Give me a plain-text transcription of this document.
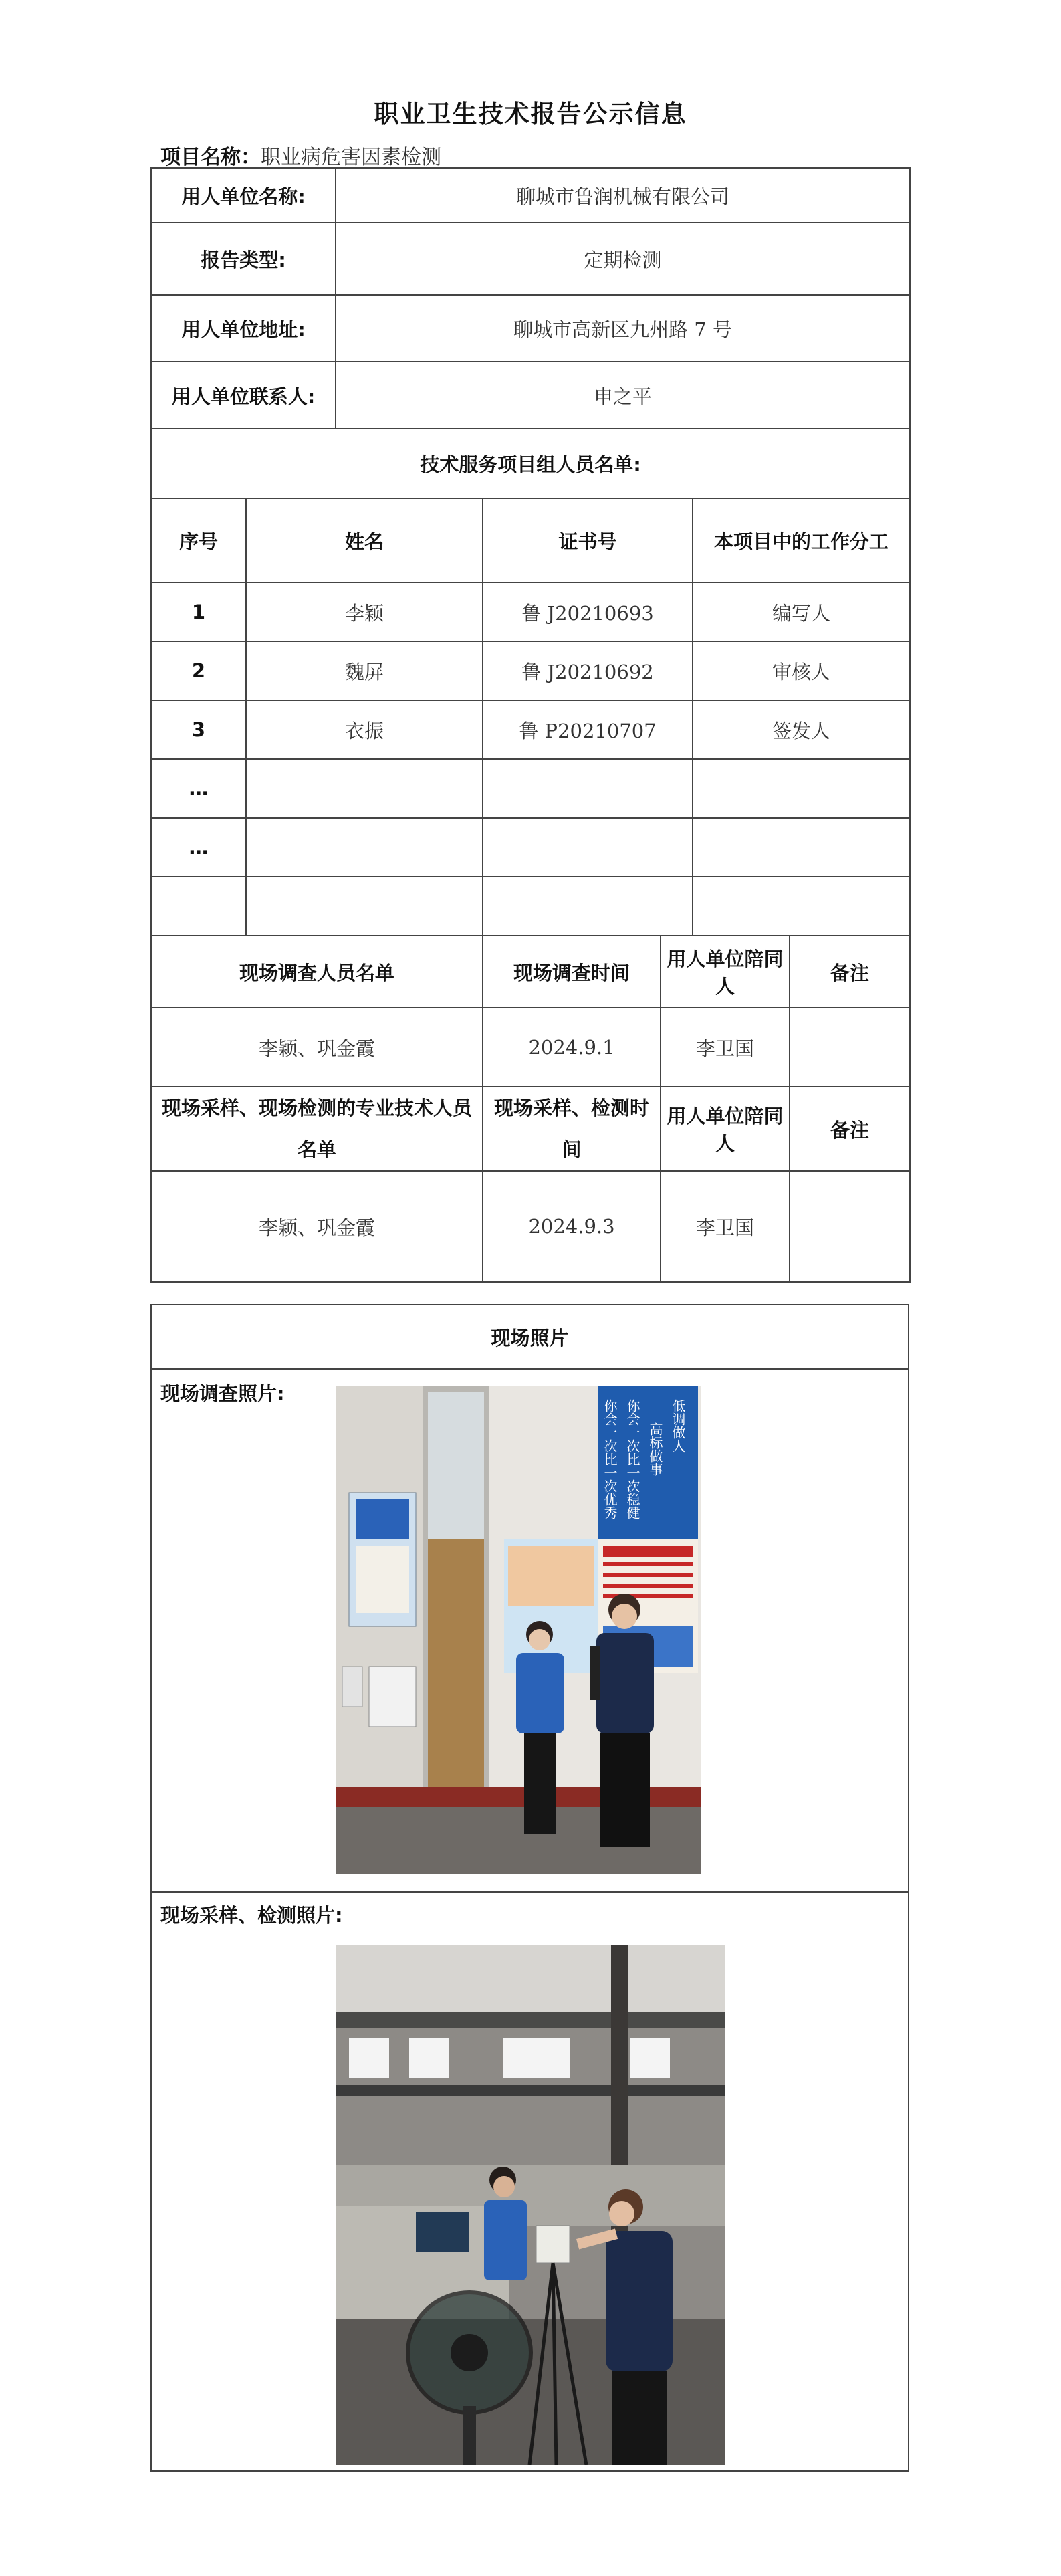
职业卫生技术报告公示信息
项目名称：职业病危害因素检测
用人单位名称:		聊城市鲁润机械有限公司				
报告类型:		定期检测				
用人单位地址:		聊城市高新区九州路 7 号				
用人单位联系人:		申之平				
技术服务项目组人员名单:						
序号	姓名		证书号		本项目中的工作分工	
1	李颖		鲁 J20210693		编写人	
2	魏屏		鲁 J20210692		审核人	
3	衣振		鲁 P20210707		签发人	
…						
…						

现场调查人员名单			现场调查时间	用人单位陪同人		备注
李颖、巩金霞			2024.9.1	李卫国		
现场采样、现场检测的专业技术人员名单			现场采样、检测时间	用人单位陪同人		备注
李颖、巩金霞			2024.9.3	李卫国		
现场照片

现场调查照片:
现场采样、检测照片:
低调做人
高标做事
你会一次比一次稳健
你会一次比一次优秀
